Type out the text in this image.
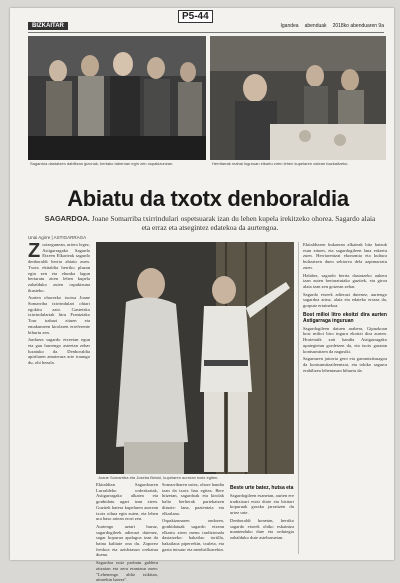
P5-44
BIZKAITAR	Igandea abenduak 2018ko abenduaren 9a
Sagardoa dastatzen dabiltzan gizonak, bertako tabernan egin zen ospakizunean.	Herritarrak mahai inguruan elkartu ziren lehen kupelaren ostean bazkaltzeko.
Abiatu da txotx denboraldia
SAGARDOA. Joane Somarriba txirrindulari ospetsuarak izan du lehen kupela irekitzeko ohorea. Sagardo alaia eta erraz eta atsegintez edatekoa da aurtengoa.
Unai Agirre | ASTIGARRAGA

Zortzegunean, urtero legez, Astigarragako Sagardo Etxeen Elkarteak sagardo denboraldi berria abiatu zuen. Txotx ekitaldia herriko plazan egin zen eta ehunka lagun bertaratu ziren lehen kupela zabalduko zuten ospakizuna ikusteko.

Aurten ohorezko txotxa Joane Somarriba txirrindulari ohiari egokitu zaio. Gasteizko txirrindulariak hiru Frantziako Tour irabazi zituen eta emakumeen kirolaren erreferente bihurtu zen.

Jarduera sagardo etxeetan egun eta gau hurrengo asteetan zehar luzatuko da. Denboraldia apirilaren amaierara arte iraungo du, ohi bezala.

Joane Somarriba eta Joseba Beloki, kupelaren aurrean txotx egiten.

Ekitaldian Sagardoaren Lurraldeko ordezkariak, Astigarragako alkatea eta gonbidatu ugari izan ziren. Guztiek batera kupelaren aurrean txotx oihua egin zuten, eta lehen ura baso artean erori zen.

Aurtengo uztari buruz, sagardogileek adierazi dutenez, sagar kopurua apalagoa izan da baina kalitate ona du. Zaporez freskoa eta azidotasun orekatua duena.

Sagardoa noiz probatu galdetu zitzaion eta zera erantzun zuen: "Lehenengo aldiz txikitan, aitarekin batera".

Somarribaren ustez, ohore handia izan da txotx hau egitea. Bere hitzetan, sagardoak eta kirolak balio berberak partekatzen dituzte: lana, pazientzia eta elkarlana.

Ospakizunaren ondoren, gonbidatuak sagardo etxean elkartu ziren menu tradizionala dastatzeko: bakailao tortilla, bakailaoa piperrekin, txuleta, eta gazta intxaur eta menbrilloarekin.

Beste urte batez, hutsa eta

Sagardogileen esanetan, aurten ere tradizioari eutsi diote eta bisitari kopuruak goraka jarraitzen du urtez urte.

Denboraldi honetan, herriko sagardo etxeek ohiko eskaintza mantenduko dute eta ordutegia zabalduko dute asteburuetan.

Ekitaldiaren bukaeran alkateak hitz batzuk esan zituen, eta sagardogileen lana eskertu zuen. Herriarentzat ekonomia eta kultura bultzatzen duen sektorea dela azpimarratu zuen.

Halaber, sagardo berria dastatzeko aukera izan zuten bertaratutako guztiek, eta giroa alaia izan zen goizean zehar.

Sagardo etxeek adierazi dutenez, aurtengo sagardoa arina, alaia eta edateko erraza da, gorputz ertainekoa.

Bost milioi litro ekoitzi dira aurten Astigarraga inguruan

Sagardogileen datuen arabera, Gipuzkoan bost milioi litro inguru ekoitzi dira aurten. Horietatik zati handia Astigarragako upategietan gordetzen da, eta txotx garaian kontsumitzen da nagusiki.

Sagarraren jatorria gero eta garrantzitsuagoa da kontsumitzaileentzat, eta tokiko sagarra erabiltzea lehentasun bihurtu da.
